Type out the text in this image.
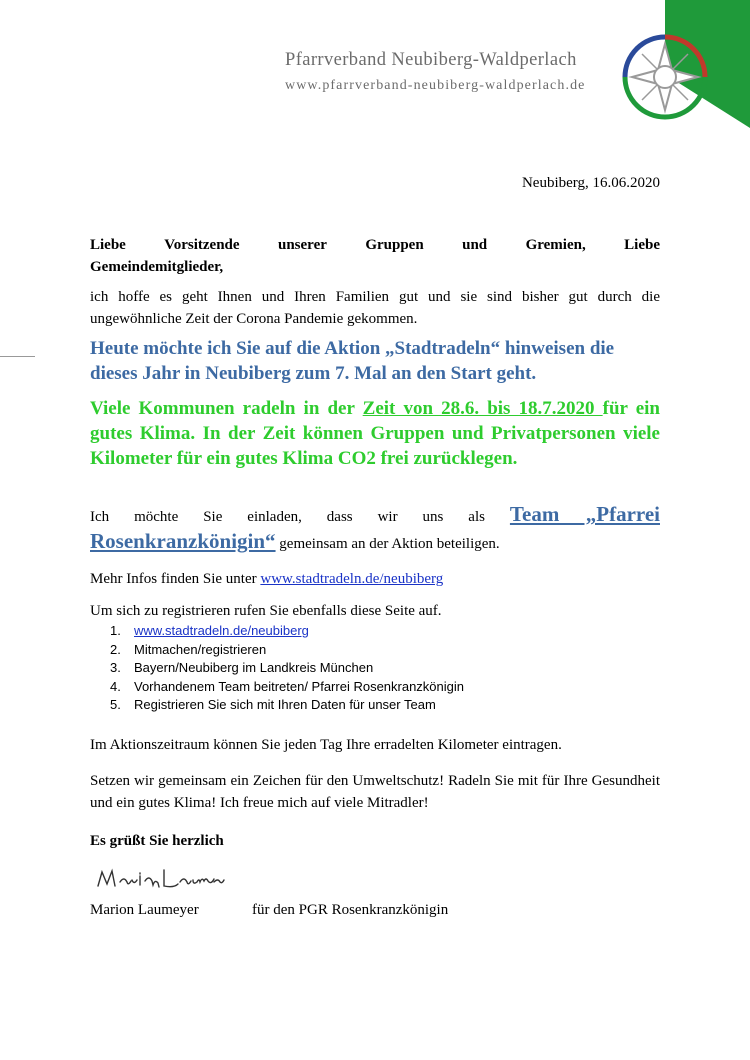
Pfarrverband Neubiberg-Waldperlach
www.pfarrverband-neubiberg-waldperlach.de
Neubiberg, 16.06.2020
Liebe	Vorsitzende	unserer	Gruppen	und	Gremien,	Liebe
Gemeindemitglieder,
ich hoffe es geht Ihnen und Ihren Familien gut und sie sind bisher gut durch die ungewöhnliche Zeit der Corona Pandemie gekommen.
Heute möchte ich Sie auf die Aktion „Stadtradeln“ hinweisen die dieses Jahr in Neubiberg zum 7. Mal an den Start geht.
Viele Kommunen radeln in der Zeit von 28.6. bis 18.7.2020 für ein gutes Klima. In der Zeit können Gruppen und Privatpersonen viele Kilometer für ein gutes Klima CO2 frei zurücklegen.
Ich möchte Sie einladen, dass wir uns als Team „Pfarrei Rosenkranzkönigin“ gemeinsam an der Aktion beteiligen.
Mehr Infos finden Sie unter www.stadtradeln.de/neubiberg
Um sich zu registrieren rufen Sie ebenfalls diese Seite auf.
1.	www.stadtradeln.de/neubiberg
2.	Mitmachen/registrieren
3.	Bayern/Neubiberg im Landkreis München
4.	Vorhandenem Team beitreten/ Pfarrei Rosenkranzkönigin
5.	Registrieren Sie sich mit Ihren Daten für unser Team
Im Aktionszeitraum können Sie jeden Tag Ihre erradelten Kilometer eintragen.
Setzen wir gemeinsam ein Zeichen für den Umweltschutz! Radeln Sie mit für Ihre Gesundheit und ein gutes Klima! Ich freue mich auf viele Mitradler!
Es grüßt Sie herzlich
Marion Laumeyer	für den PGR Rosenkranzkönigin
